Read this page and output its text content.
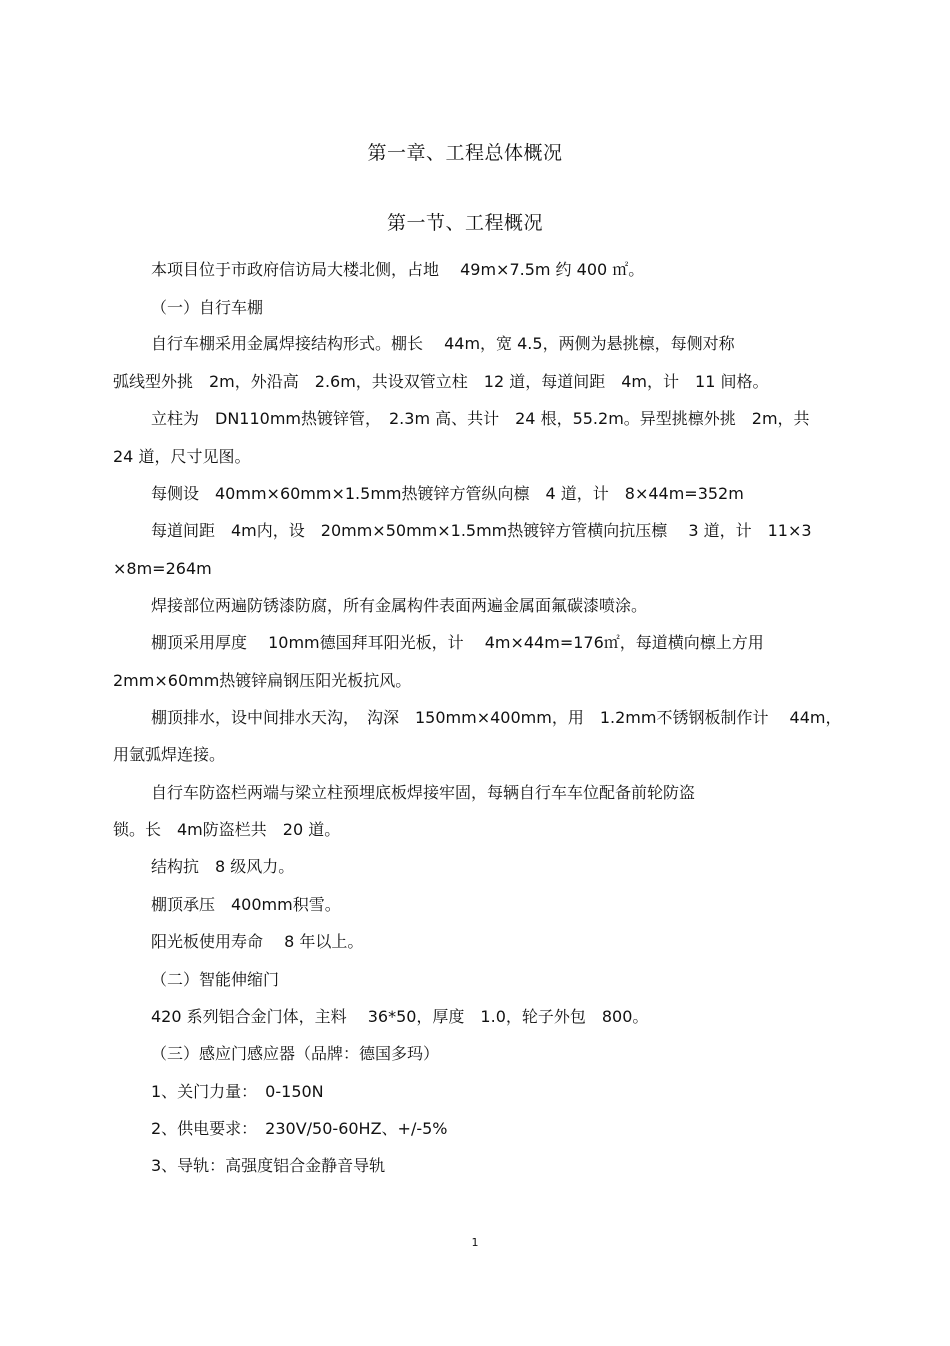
第一章、工程总体概况
第一节、工程概况
本项目位于市政府信访局大楼北侧，占地　 49m×7.5m 约 400 ㎡。
（一）自行车棚
自行车棚采用金属焊接结构形式。棚长　 44m，宽 4.5，两侧为悬挑檩，每侧对称
弧线型外挑　2m，外沿高　2.6m，共设双管立柱　12 道，每道间距　4m，计　11 间格。
立柱为　DN110mm热镀锌管，　2.3m 高、共计　24 根，55.2m。异型挑檩外挑　2m，共
24 道，尺寸见图。
每侧设　40mm×60mm×1.5mm热镀锌方管纵向檩　4 道，计　8×44m=352m
每道间距　4m内，设　20mm×50mm×1.5mm热镀锌方管横向抗压檩　 3 道，计　11×3
×8m=264m
焊接部位两遍防锈漆防腐，所有金属构件表面两遍金属面氟碳漆喷涂。
棚顶采用厚度　 10mm德国拜耳阳光板，计　 4m×44m=176㎡，每道横向檩上方用
2mm×60mm热镀锌扁钢压阳光板抗风。
棚顶排水，设中间排水天沟，　沟深　150mm×400mm，用　1.2mm不锈钢板制作计　 44m，
用氩弧焊连接。
自行车防盗栏两端与梁立柱预埋底板焊接牢固，每辆自行车车位配备前轮防盗
锁。长　4m防盗栏共　20 道。
结构抗　8 级风力。
棚顶承压　400mm积雪。
阳光板使用寿命　 8 年以上。
（二）智能伸缩门
420 系列铝合金门体，主料　 36*50，厚度　1.0，轮子外包　800。
（三）感应门感应器（品牌：德国多玛）
1、关门力量：　0-150N
2、供电要求：　230V/50-60HZ、+/-5%
3、导轨：高强度铝合金静音导轨
1
